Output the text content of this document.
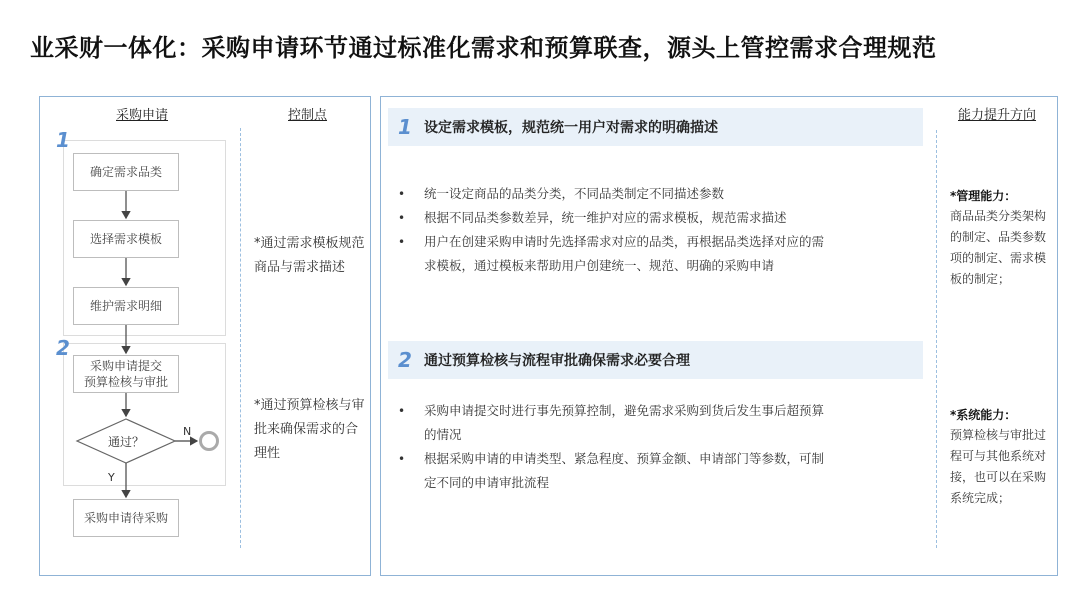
业采财一体化：采购申请环节通过标准化需求和预算联查，源头上管控需求合理规范
采购申请	控制点
1
2
确定需求品类
选择需求模板
维护需求明细
采购申请提交
预算检核与审批
采购申请待采购
通过？
N
Y
*通过需求模板规范商品与需求描述
*通过预算检核与审批来确保需求的合理性
能力提升方向
1 设定需求模板，规范统一用户对需求的明确描述
• 统一设定商品的品类分类，不同品类制定不同描述参数
• 根据不同品类参数差异，统一维护对应的需求模板，规范需求描述
• 用户在创建采购申请时先选择需求对应的品类，再根据品类选择对应的需求模板，通过模板来帮助用户创建统一、规范、明确的采购申请
2 通过预算检核与流程审批确保需求必要合理
• 采购申请提交时进行事先预算控制，避免需求采购到货后发生事后超预算的情况
• 根据采购申请的申请类型、紧急程度、预算金额、申请部门等参数，可制定不同的申请审批流程
*管理能力：
商品品类分类架构的制定、品类参数项的制定、需求模板的制定；
*系统能力：
预算检核与审批过程可与其他系统对接，也可以在采购系统完成；
